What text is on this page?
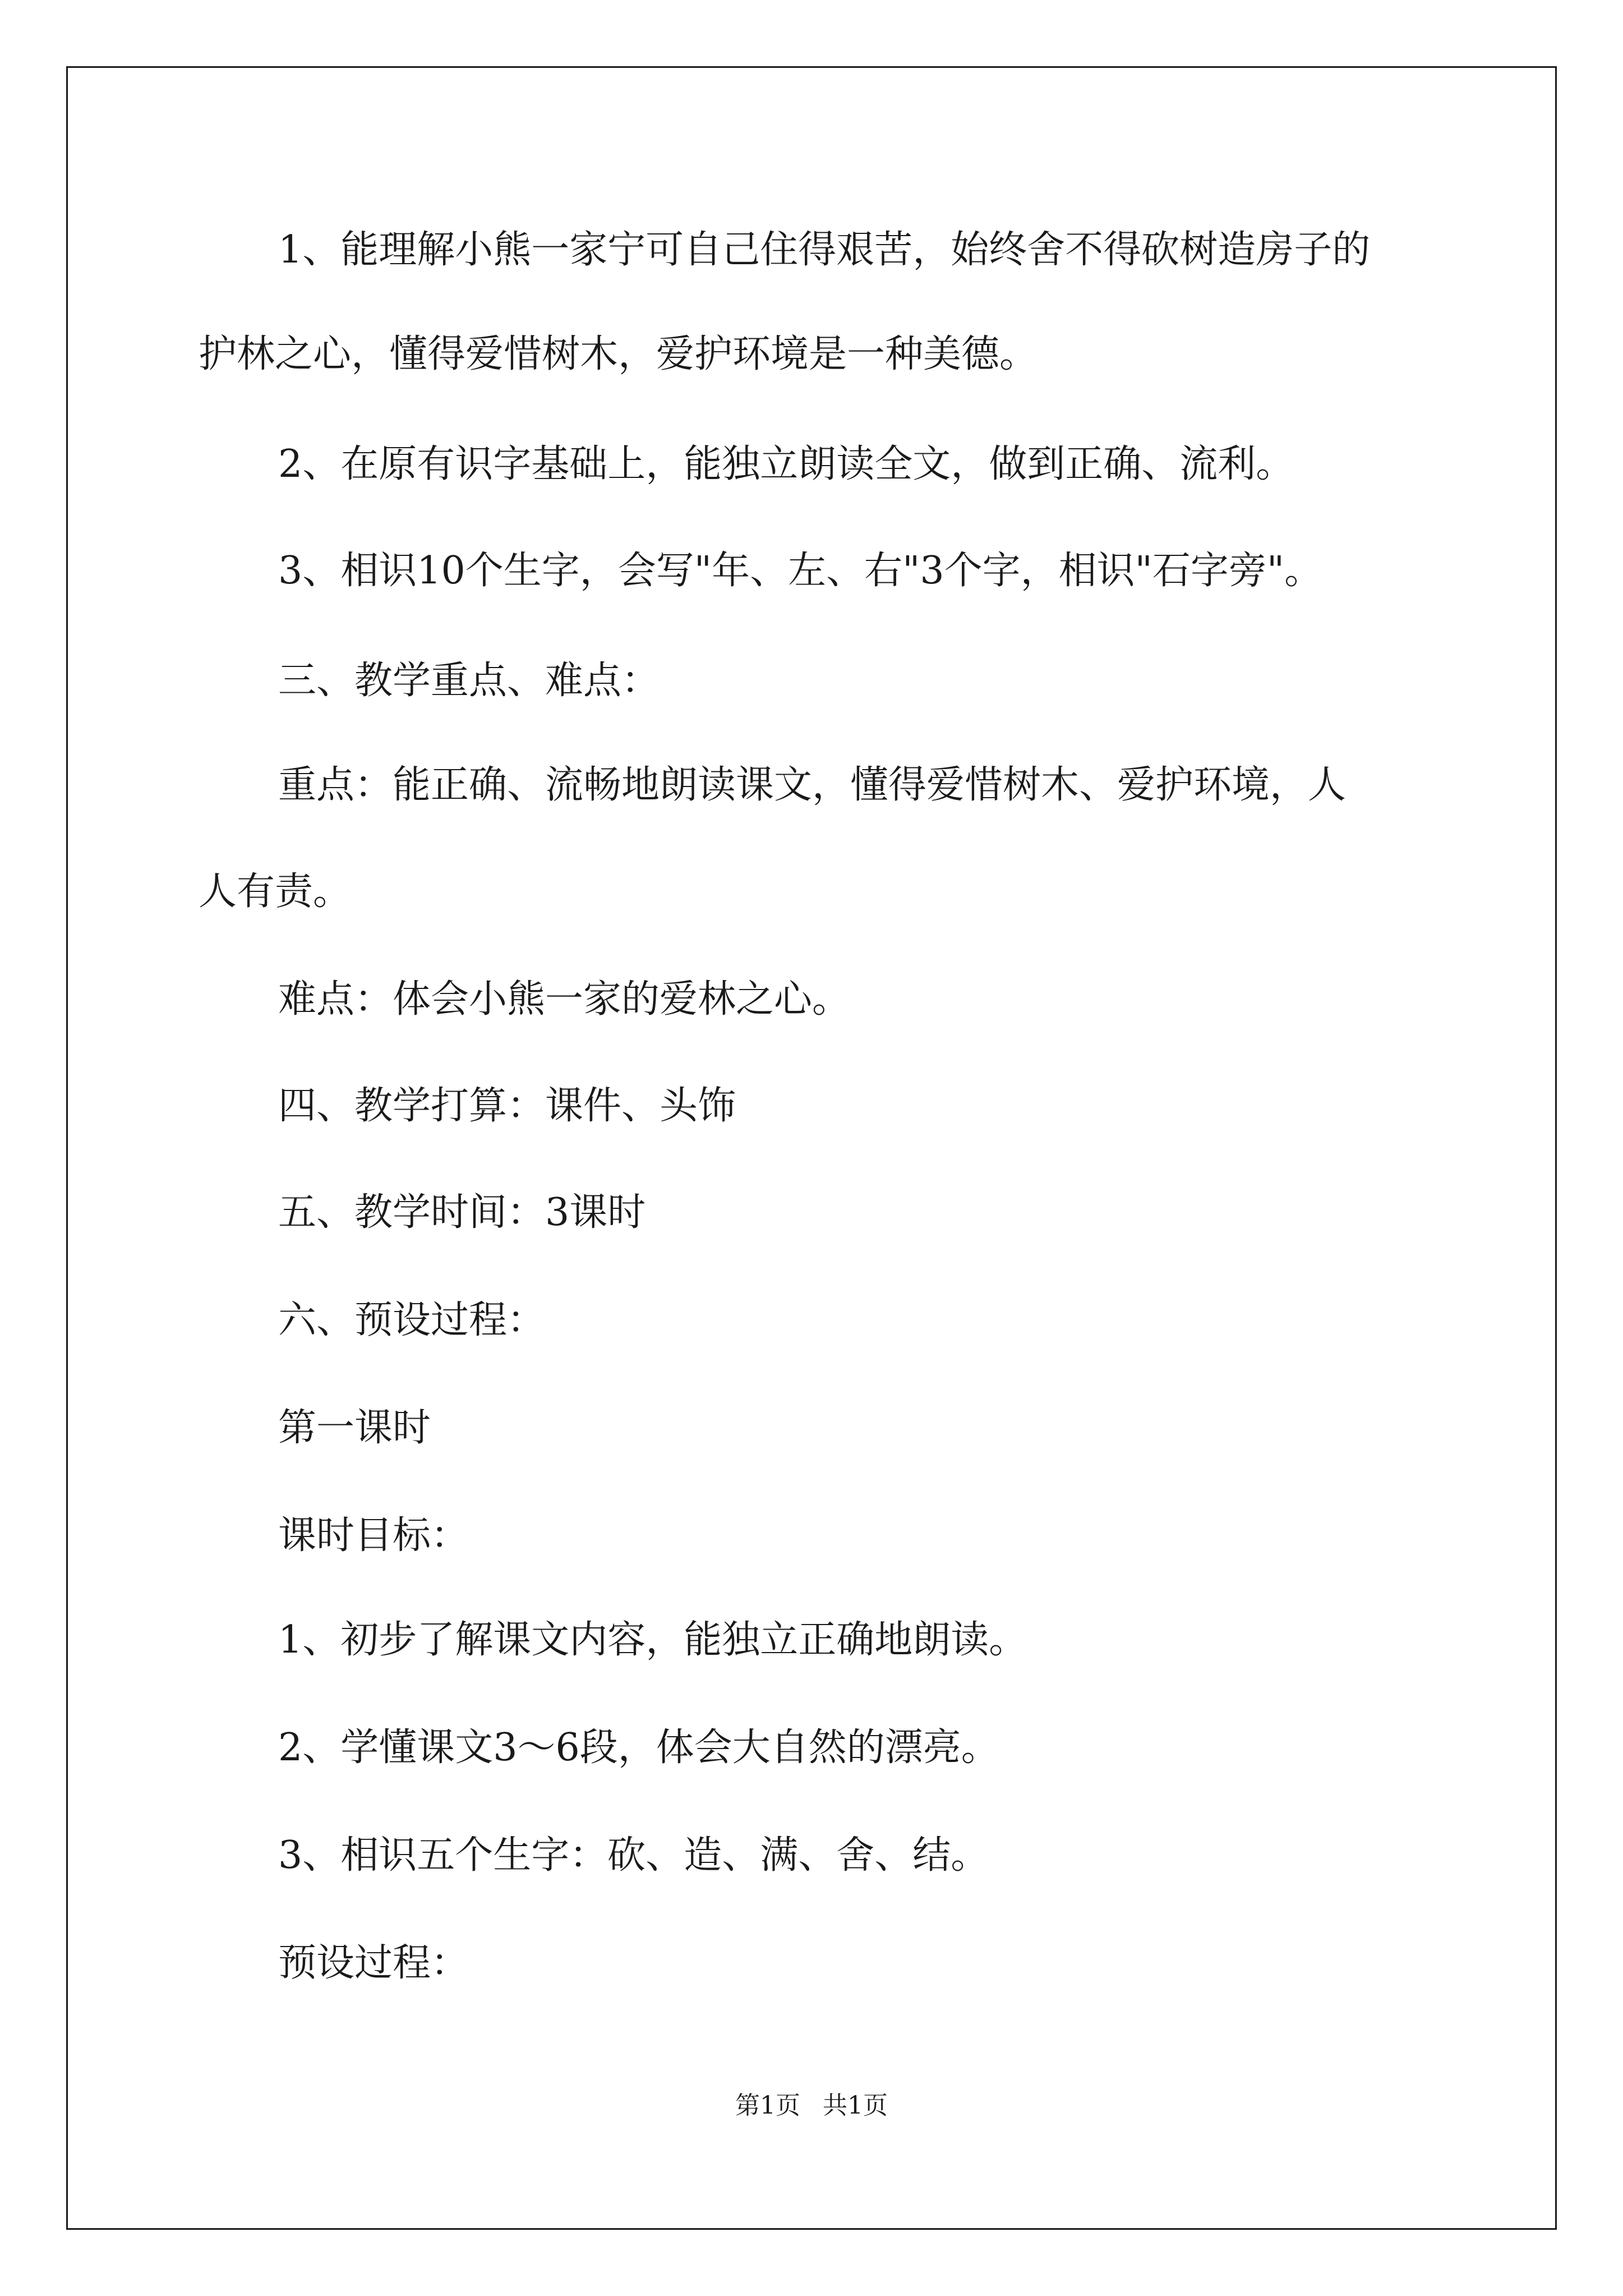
1、能理解小熊一家宁可自己住得艰苦，始终舍不得砍树造房子的

护林之心，懂得爱惜树木，爱护环境是一种美德。

2、在原有识字基础上，能独立朗读全文，做到正确、流利。

3、相识10个生字，会写"年、左、右"3个字，相识"石字旁"。

三、教学重点、难点：

重点：能正确、流畅地朗读课文，懂得爱惜树木、爱护环境，人

人有责。

难点：体会小熊一家的爱林之心。

四、教学打算：课件、头饰

五、教学时间：3课时

六、预设过程：

第一课时

课时目标：

1、初步了解课文内容，能独立正确地朗读。

2、学懂课文3～6段，体会大自然的漂亮。

3、相识五个生字：砍、造、满、舍、结。

预设过程：

第1页 共1页
